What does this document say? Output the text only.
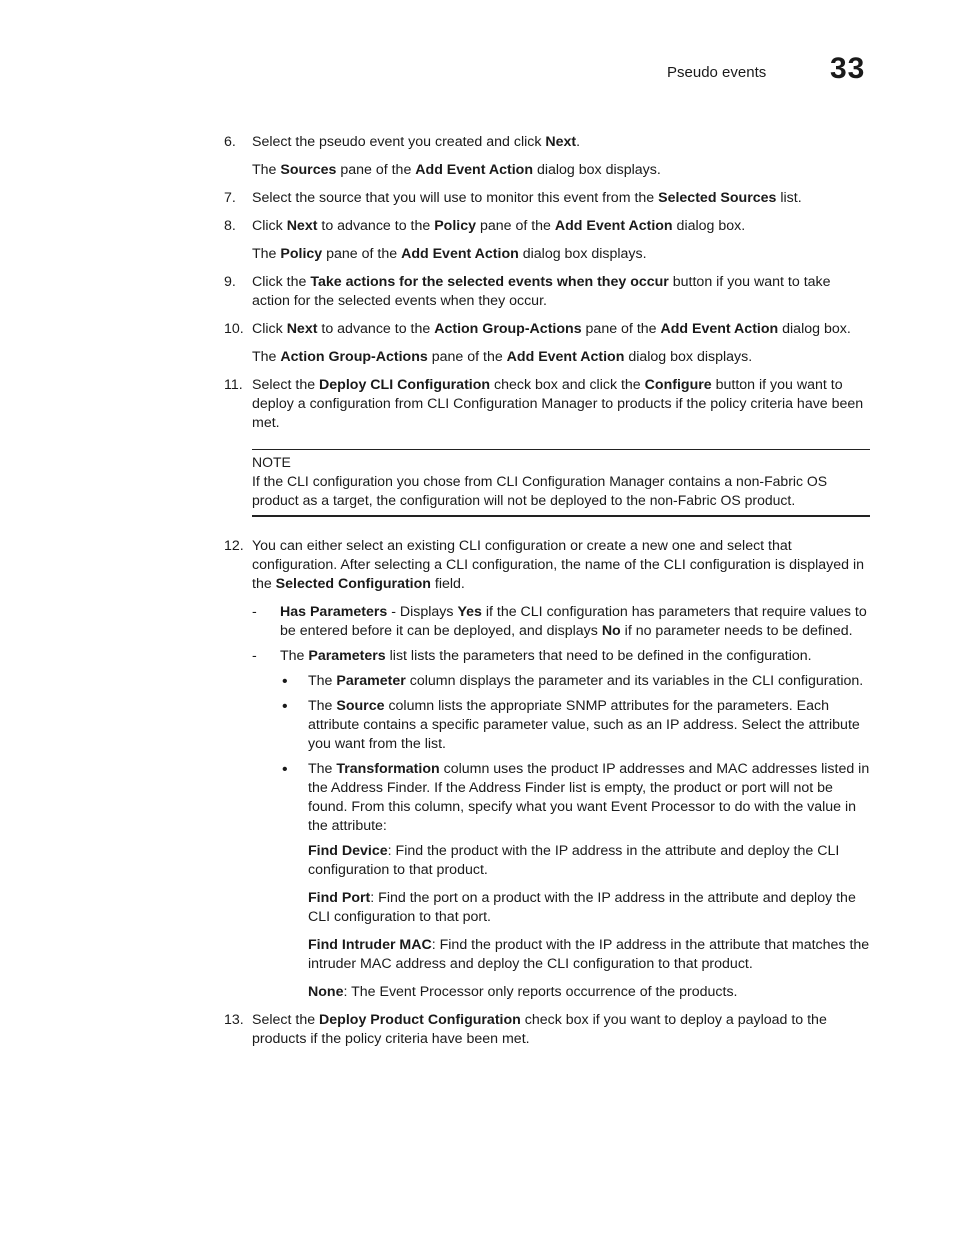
Pseudo events 33
6.	Select the pseudo event you created and click Next.
The Sources pane of the Add Event Action dialog box displays.
7.	Select the source that you will use to monitor this event from the Selected Sources list.
8.	Click Next to advance to the Policy pane of the Add Event Action dialog box.
The Policy pane of the Add Event Action dialog box displays.
9.	Click the Take actions for the selected events when they occur button if you want to take action for the selected events when they occur.
10. Click Next to advance to the Action Group-Actions pane of the Add Event Action dialog box.
The Action Group-Actions pane of the Add Event Action dialog box displays.
11. Select the Deploy CLI Configuration check box and click the Configure button if you want to deploy a configuration from CLI Configuration Manager to products if the policy criteria have been met.
NOTE
If the CLI configuration you chose from CLI Configuration Manager contains a non-Fabric OS product as a target, the configuration will not be deployed to the non-Fabric OS product.
12. You can either select an existing CLI configuration or create a new one and select that configuration. After selecting a CLI configuration, the name of the CLI configuration is displayed in the Selected Configuration field.
- Has Parameters - Displays Yes if the CLI configuration has parameters that require values to be entered before it can be deployed, and displays No if no parameter needs to be defined.
- The Parameters list lists the parameters that need to be defined in the configuration.
• The Parameter column displays the parameter and its variables in the CLI configuration.
• The Source column lists the appropriate SNMP attributes for the parameters. Each attribute contains a specific parameter value, such as an IP address. Select the attribute you want from the list.
• The Transformation column uses the product IP addresses and MAC addresses listed in the Address Finder. If the Address Finder list is empty, the product or port will not be found. From this column, specify what you want Event Processor to do with the value in the attribute:
Find Device: Find the product with the IP address in the attribute and deploy the CLI configuration to that product.
Find Port: Find the port on a product with the IP address in the attribute and deploy the CLI configuration to that port.
Find Intruder MAC: Find the product with the IP address in the attribute that matches the intruder MAC address and deploy the CLI configuration to that product.
None: The Event Processor only reports occurrence of the products.
13. Select the Deploy Product Configuration check box if you want to deploy a payload to the products if the policy criteria have been met.
